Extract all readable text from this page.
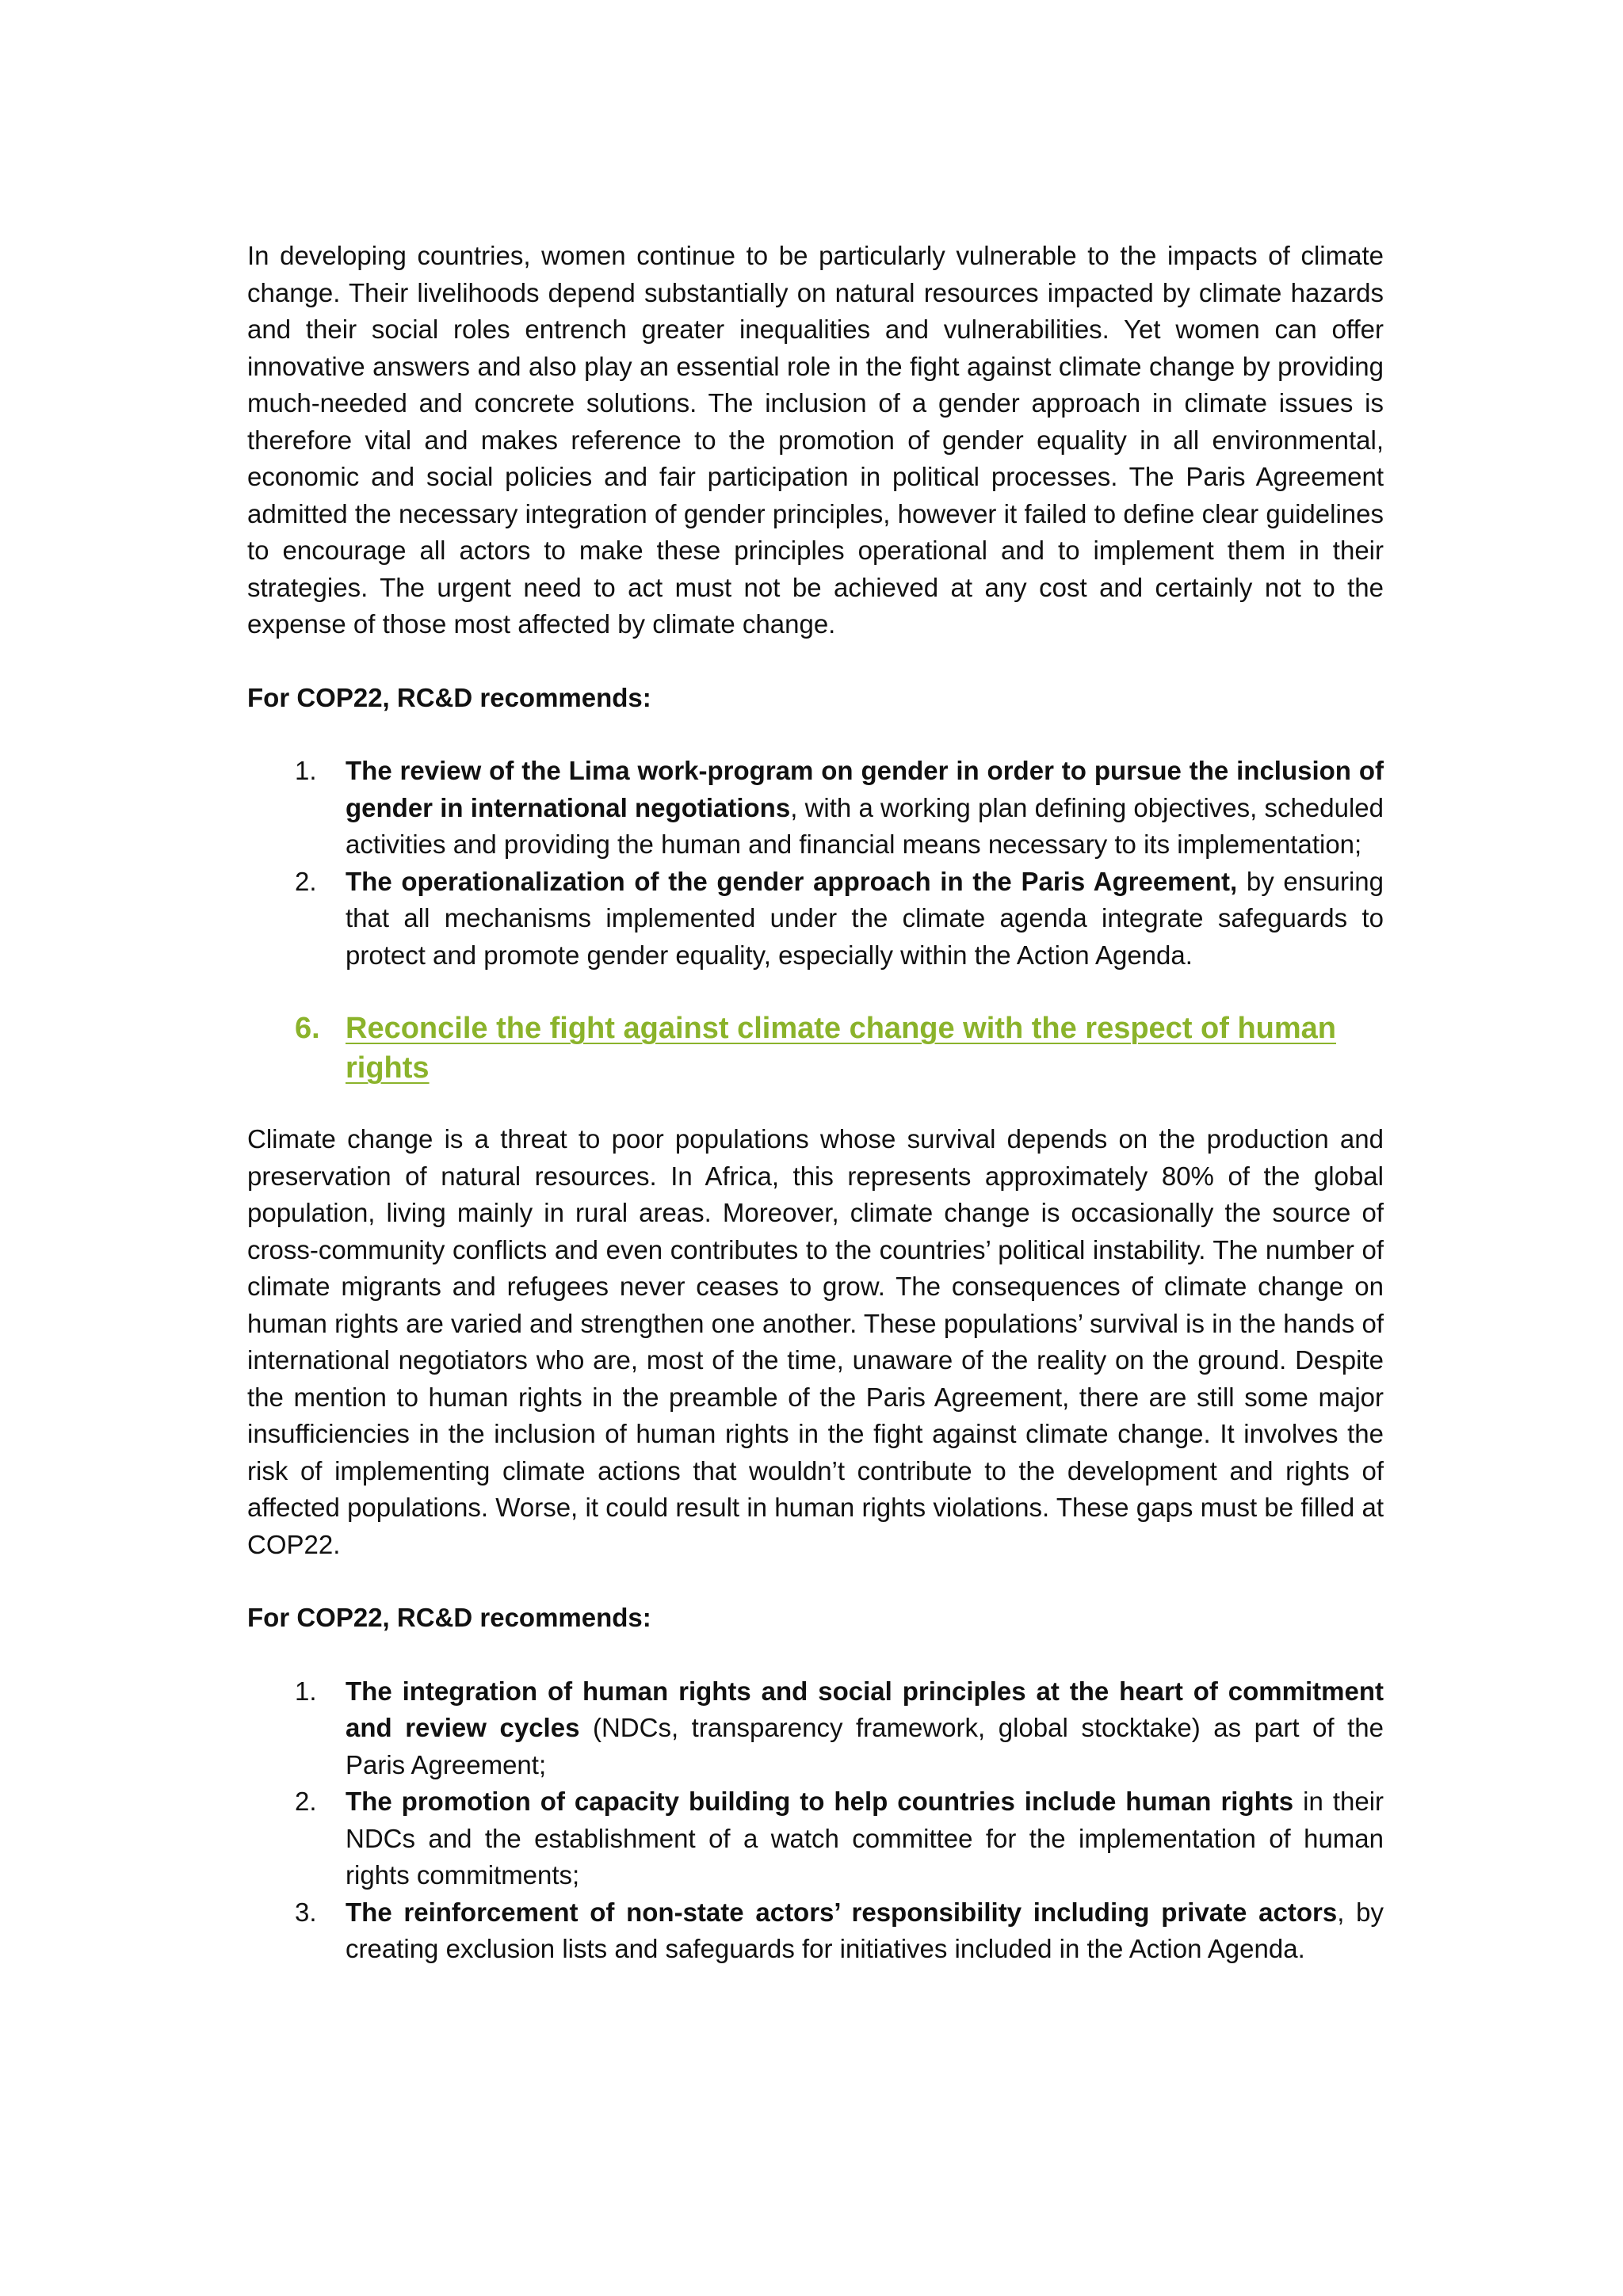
In developing countries, women continue to be particularly vulnerable to the impacts of climate change. Their livelihoods depend substantially on natural resources impacted by climate hazards and their social roles entrench greater inequalities and vulnerabilities. Yet women can offer innovative answers and also play an essential role in the fight against climate change by providing much-needed and concrete solutions. The inclusion of a gender approach in climate issues is therefore vital and makes reference to the promotion of gender equality in all environmental, economic and social policies and fair participation in political processes. The Paris Agreement admitted the necessary integration of gender principles, however it failed to define clear guidelines to encourage all actors to make these principles operational and to implement them in their strategies. The urgent need to act must not be achieved at any cost and certainly not to the expense of those most affected by climate change.

For COP22, RC&D recommends:

1. The review of the Lima work-program on gender in order to pursue the inclusion of gender in international negotiations, with a working plan defining objectives, scheduled activities and providing the human and financial means necessary to its implementation;
2. The operationalization of the gender approach in the Paris Agreement, by ensuring that all mechanisms implemented under the climate agenda integrate safeguards to protect and promote gender equality, especially within the Action Agenda.
6. Reconcile the fight against climate change with the respect of human rights

Climate change is a threat to poor populations whose survival depends on the production and preservation of natural resources. In Africa, this represents approximately 80% of the global population, living mainly in rural areas. Moreover, climate change is occasionally the source of cross-community conflicts and even contributes to the countries’ political instability. The number of climate migrants and refugees never ceases to grow. The consequences of climate change on human rights are varied and strengthen one another. These populations’ survival is in the hands of international negotiators who are, most of the time, unaware of the reality on the ground. Despite the mention to human rights in the preamble of the Paris Agreement, there are still some major insufficiencies in the inclusion of human rights in the fight against climate change. It involves the risk of implementing climate actions that wouldn’t contribute to the development and rights of affected populations. Worse, it could result in human rights violations. These gaps must be filled at COP22.

For COP22, RC&D recommends:

1. The integration of human rights and social principles at the heart of commitment and review cycles (NDCs, transparency framework, global stocktake) as part of the Paris Agreement;
2. The promotion of capacity building to help countries include human rights in their NDCs and the establishment of a watch committee for the implementation of human rights commitments;
3. The reinforcement of non-state actors’ responsibility including private actors, by creating exclusion lists and safeguards for initiatives included in the Action Agenda.
